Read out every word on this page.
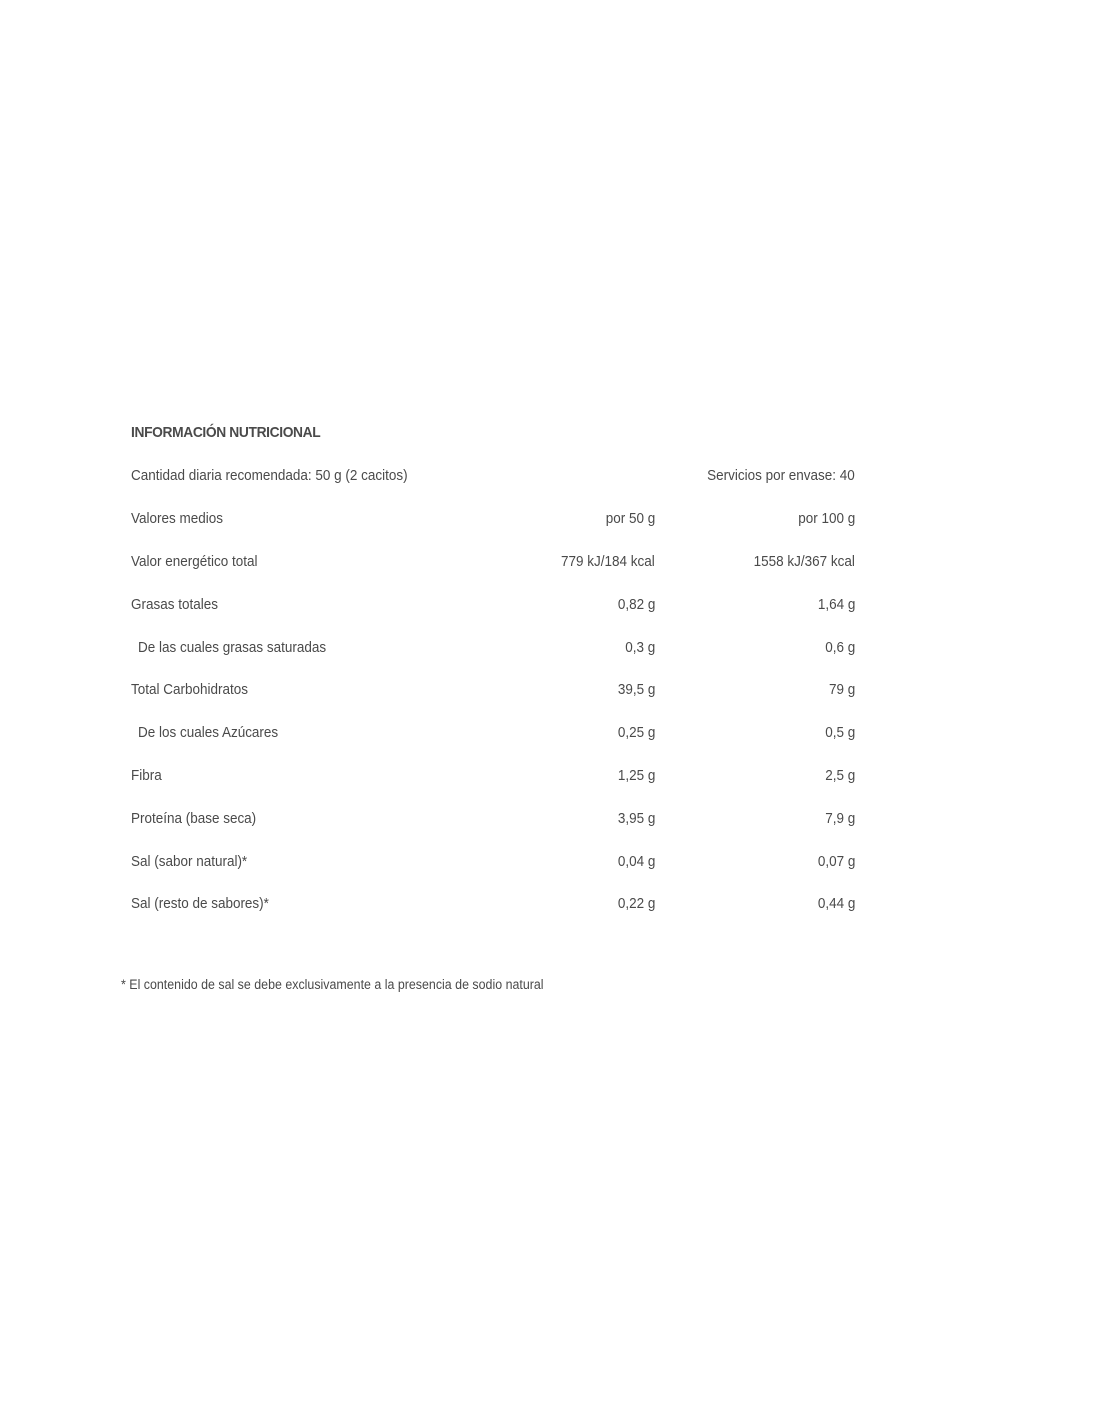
INFORMACIÓN NUTRICIONAL
Cantidad diaria recomendada: 50 g (2 cacitos)	Servicios por envase: 40
Valores medios	por 50 g	por 100 g
Valor energético total	779 kJ/184 kcal	1558 kJ/367 kcal
Grasas totales	0,82 g	1,64 g
De las cuales grasas saturadas	0,3 g	0,6 g
Total Carbohidratos	39,5 g	79 g
De los cuales Azúcares	0,25 g	0,5 g
Fibra	1,25 g	2,5 g
Proteína (base seca)	3,95 g	7,9 g
Sal (sabor natural)*	0,04 g	0,07 g
Sal (resto de sabores)*	0,22 g	0,44 g
* El contenido de sal se debe exclusivamente a la presencia de sodio natural
